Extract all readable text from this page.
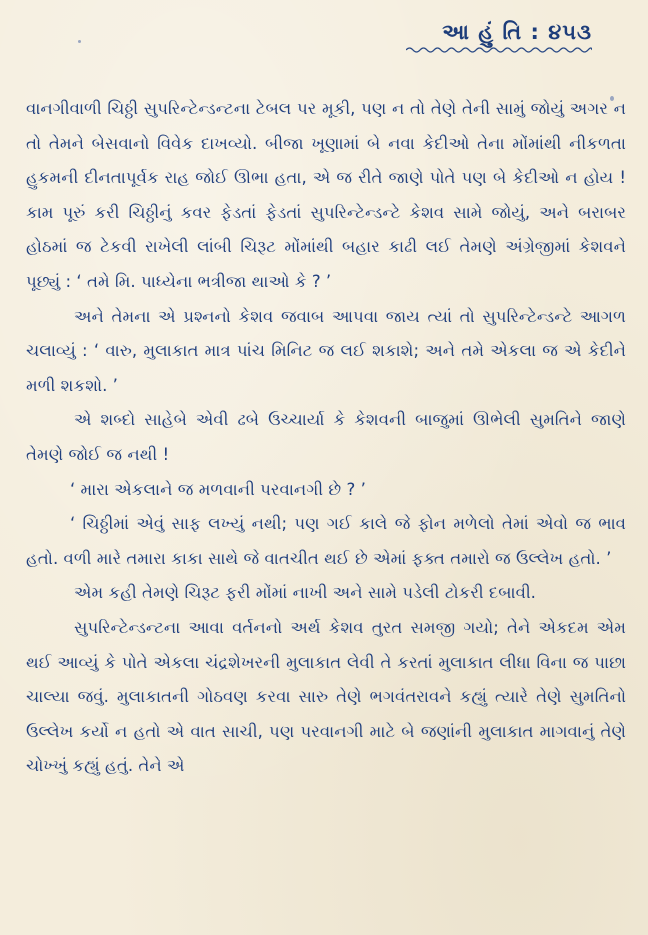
આ હું તિ : ૪૫૩

વાનગીવાળી ચિઠ્ઠી સુપરિન્ટેન્ડન્ટના ટેબલ પર મૂકી, પણ ન તો તેણે તેની સામું જોયું અગર ન તો તેમને બેસવાનો વિવેક દાખવ્યો. બીજા ખૂણામાં બે નવા કેદીઓ તેના મોંમાંથી નીકળતા હુકમની દીનતાપૂર્વક રાહ જોઈ ઊભા હતા, એ જ રીતે જાણે પોતે પણ બે કેદીઓ ન હોય ! કામ પૂરું કરી ચિઠ્ઠીનું કવર ફેડતાં ફેડતાં સુપરિન્ટેન્ડન્ટે કેશવ સામે જોયું, અને બરાબર હોઠમાં જ ટેકવી રાખેલી લાંબી ચિરૂટ મોંમાંથી બહાર કાઢી લઈ તેમણે અંગ્રેજીમાં કેશવને પૂછ્યું : ‘ તમે મિ. પાધ્યેના ભત્રીજા થાઓ કે ? ’

અને તેમના એ પ્રશ્નનો કેશવ જવાબ આપવા જાય ત્યાં તો સુપરિન્ટેન્ડન્ટે આગળ ચલાવ્યું : ‘ વારુ, મુલાકાત માત્ર પાંચ મિનિટ જ લઈ શકાશે; અને તમે એકલા જ એ કેદીને મળી શકશો. ’

એ શબ્દો સાહેબે એવી ઢબે ઉચ્ચાર્યા કે કેશવની બાજુમાં ઊભેલી સુમતિને જાણે તેમણે જોઈ જ નથી !

‘ મારા એકલાને જ મળવાની પરવાનગી છે ? ’

‘ ચિઠ્ઠીમાં એવું સાફ લખ્યું નથી; પણ ગઈ કાલે જે ફોન મળેલો તેમાં એવો જ ભાવ હતો. વળી મારે તમારા કાકા સાથે જે વાતચીત થઈ છે એમાં ફક્ત તમારો જ ઉલ્લેખ હતો. ’

એમ કહી તેમણે ચિરૂટ ફરી મોંમાં નાખી અને સામે પડેલી ટોકરી દબાવી.

સુપરિન્ટેન્ડન્ટના આવા વર્તનનો અર્થ કેશવ તુરત સમજી ગયો; તેને એકદમ એમ થઈ આવ્યું કે પોતે એકલા ચંદ્રશેખરની મુલાકાત લેવી તે કરતાં મુલાકાત લીધા વિના જ પાછા ચાલ્યા જવું. મુલાકાતની ગોઠવણ કરવા સારુ તેણે ભગવંતરાવને કહ્યું ત્યારે તેણે સુમતિનો ઉલ્લેખ કર્યો ન હતો એ વાત સાચી, પણ પરવાનગી માટે બે જણાંની મુલાકાત માગવાનું તેણે ચોખ્ખું કહ્યું હતું. તેને એ
